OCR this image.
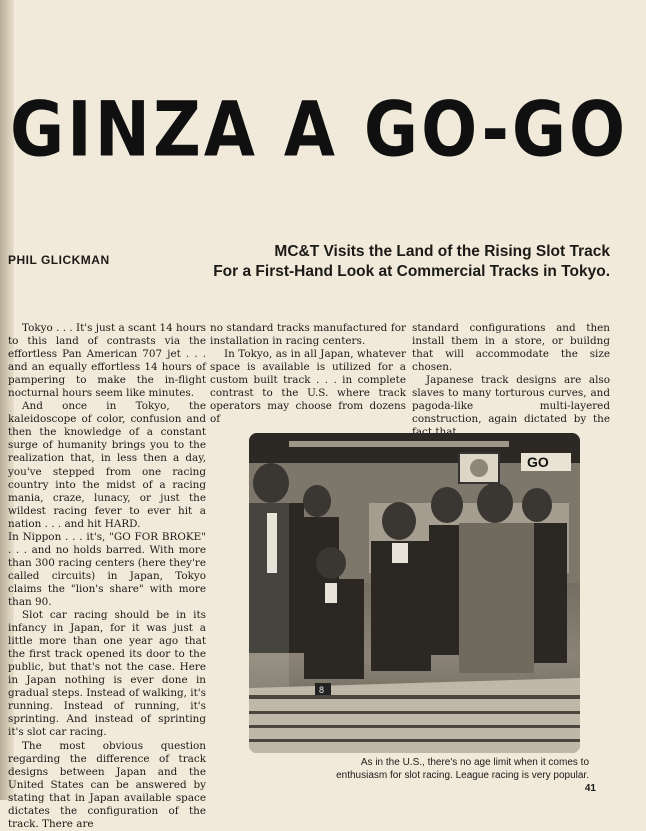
GINZA A GO-GO
PHIL GLICKMAN	MC&T Visits the Land of the Rising Slot Track
For a First-Hand Look at Commercial Tracks in Tokyo.

Tokyo . . . It's just a scant 14 hours to this land of contrasts via the effortless Pan American 707 jet . . . and an equally effortless 14 hours of pampering to make the in-flight nocturnal hours seem like minutes.

And once in Tokyo, the kaleidoscope of color, confusion and then the knowledge of a constant surge of humanity brings you to the realization that, in less then a day, you've stepped from one racing country into the midst of a racing mania, craze, lunacy, or just the wildest racing fever to ever hit a nation . . . and hit HARD.

In Nippon . . . it's, "GO FOR BROKE" . . . and no holds barred. With more than 300 racing centers (here they're called circuits) in Japan, Tokyo claims the "lion's share" with more than 90.

Slot car racing should be in its infancy in Japan, for it was just a little more than one year ago that the first track opened its door to the public, but that's not the case. Here in Japan nothing is ever done in gradual steps. Instead of walking, it's running. Instead of running, it's sprinting. And instead of sprinting it's slot car racing.

The most obvious question regarding the difference of track designs between Japan and the United States can be answered by stating that in Japan available space dictates the configuration of the track. There are

no standard tracks manufactured for installation in racing centers.

In Tokyo, as in all Japan, whatever space is available is utilized for a custom built track . . . in complete contrast to the U.S. where track operators may choose from dozens of

standard configurations and then install them in a store, or buildng that will accommodate the size chosen.

Japanese track designs are also slaves to many torturous curves, and pagoda-like multi-layered construction, again dictated by the

GO
8
As in the U.S., there's no age limit when it comes to
enthusiasm for slot racing. League racing is very popular.
41
